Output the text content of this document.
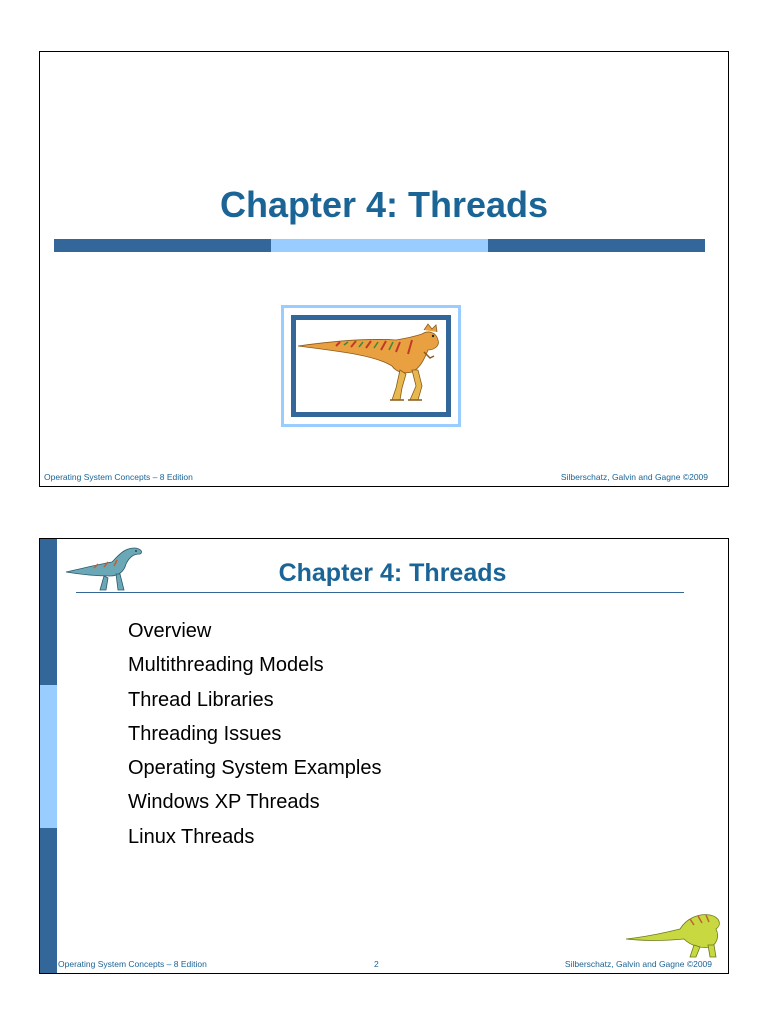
Chapter 4: Threads
Operating System Concepts – 8 Edition	Silberschatz, Galvin and Gagne ©2009
Chapter 4: Threads
Overview
Multithreading Models
Thread Libraries
Threading Issues
Operating System Examples
Windows XP Threads
Linux Threads
Operating System Concepts – 8 Edition	2	Silberschatz, Galvin and Gagne ©2009
